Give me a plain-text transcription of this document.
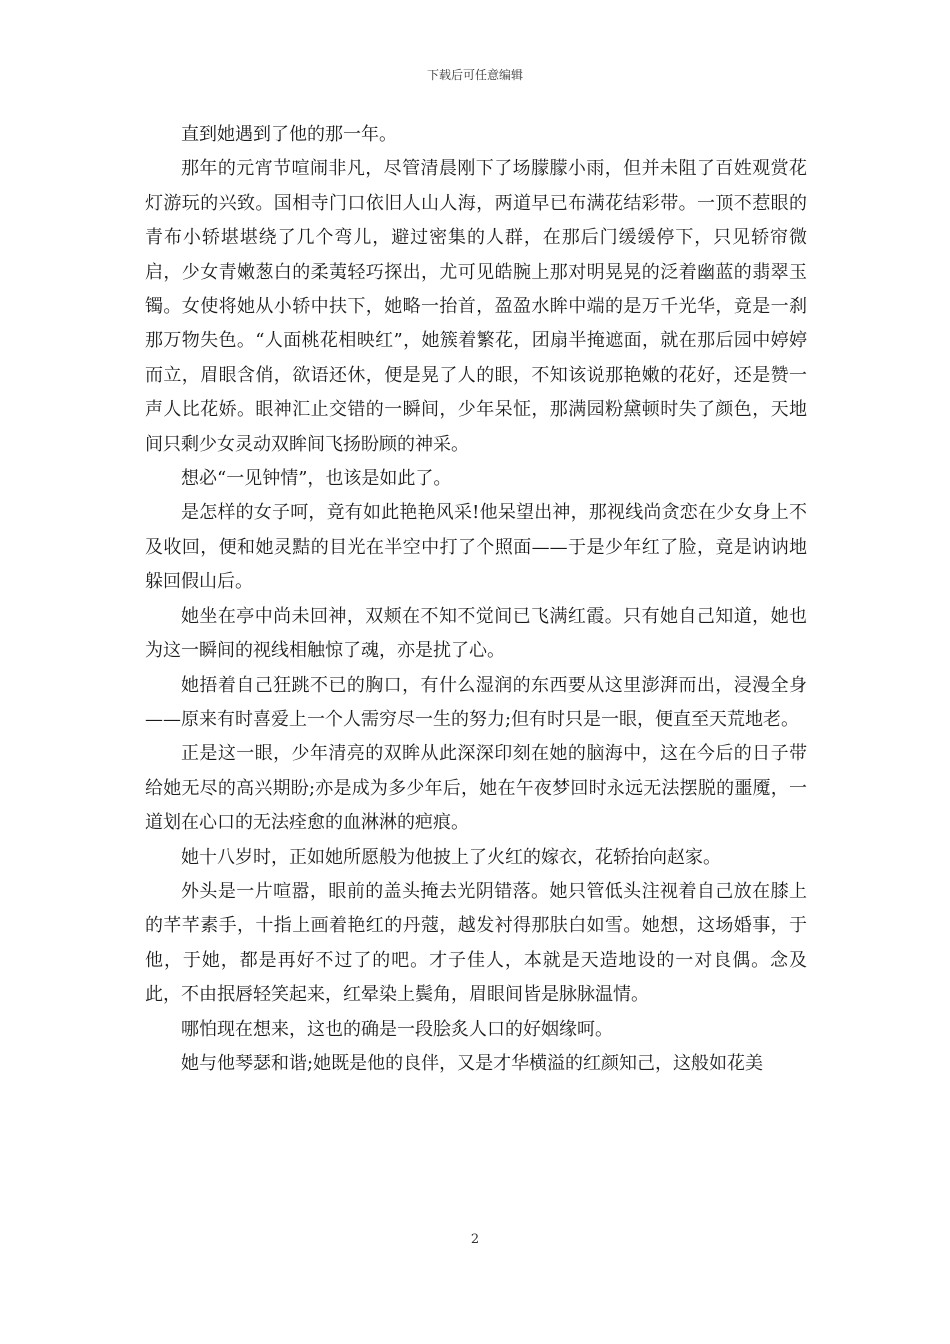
下载后可任意编辑

直到她遇到了他的那一年。

那年的元宵节喧闹非凡，尽管清晨刚下了场朦朦小雨，但并未阻了百姓观赏花灯游玩的兴致。国相寺门口依旧人山人海，两道早已布满花结彩带。一顶不惹眼的青布小轿堪堪绕了几个弯儿，避过密集的人群，在那后门缓缓停下，只见轿帘微启，少女青嫩葱白的柔荑轻巧探出，尤可见皓腕上那对明晃晃的泛着幽蓝的翡翠玉镯。女使将她从小轿中扶下，她略一抬首，盈盈水眸中端的是万千光华，竟是一刹那万物失色。“人面桃花相映红”，她簇着繁花，团扇半掩遮面，就在那后园中婷婷而立，眉眼含俏，欲语还休，便是晃了人的眼，不知该说那艳嫩的花好，还是赞一声人比花娇。眼神汇止交错的一瞬间，少年呆怔，那满园粉黛顿时失了颜色，天地间只剩少女灵动双眸间飞扬盼顾的神采。

想必“一见钟情”，也该是如此了。

是怎样的女子呵，竟有如此艳艳风采!他呆望出神，那视线尚贪恋在少女身上不及收回，便和她灵黠的目光在半空中打了个照面——于是少年红了脸，竟是讷讷地躲回假山后。

她坐在亭中尚未回神，双颊在不知不觉间已飞满红霞。只有她自己知道，她也为这一瞬间的视线相触惊了魂，亦是扰了心。

她捂着自己狂跳不已的胸口，有什么湿润的东西要从这里澎湃而出，浸漫全身——原来有时喜爱上一个人需穷尽一生的努力;但有时只是一眼，便直至天荒地老。

正是这一眼，少年清亮的双眸从此深深印刻在她的脑海中，这在今后的日子带给她无尽的高兴期盼;亦是成为多少年后，她在午夜梦回时永远无法摆脱的噩魇，一道划在心口的无法痊愈的血淋淋的疤痕。

她十八岁时，正如她所愿般为他披上了火红的嫁衣，花轿抬向赵家。

外头是一片喧嚣，眼前的盖头掩去光阴错落。她只管低头注视着自己放在膝上的芊芊素手，十指上画着艳红的丹蔻，越发衬得那肤白如雪。她想，这场婚事，于他，于她，都是再好不过了的吧。才子佳人，本就是天造地设的一对良偶。念及此，不由抿唇轻笑起来，红晕染上鬓角，眉眼间皆是脉脉温情。

哪怕现在想来，这也的确是一段脍炙人口的好姻缘呵。

她与他琴瑟和谐;她既是他的良伴，又是才华横溢的红颜知己，这般如花美

2
